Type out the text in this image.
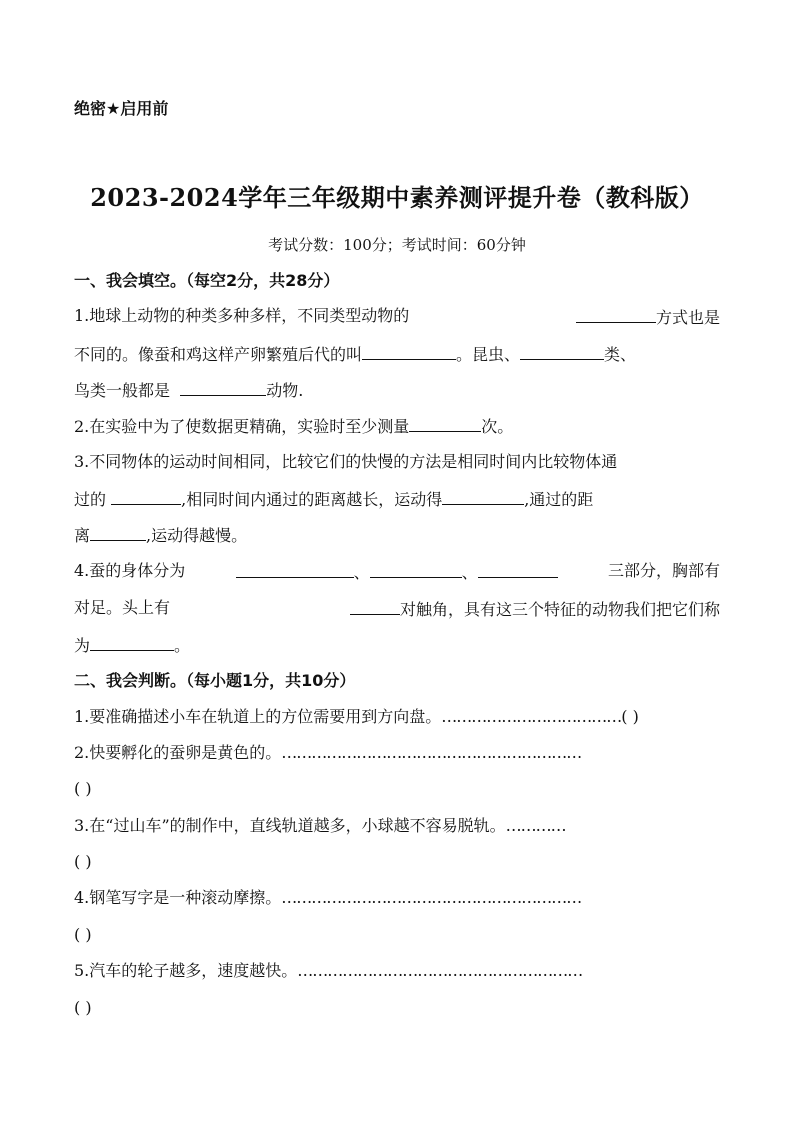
绝密★启用前
2023-2024学年三年级期中素养测评提升卷（教科版）
考试分数：100分；考试时间：60分钟
一、我会填空。（每空2分，共28分）
1.地球上动物的种类多种多样，不同类型动物的	方式也是
不同的。像蚕和鸡这样产卵繁殖后代的叫	。昆虫、	类、
鸟类一般都是	动物.
2.在实验中为了使数据更精确，实验时至少测量	次。
3.不同物体的运动时间相同，比较它们的快慢的方法是相同时间内比较物体通
过的	,相同时间内通过的距离越长，运动得	,通过的距
离	,运动得越慢。
4.蚕的身体分为	、	、	三部分，胸部有
对足。头上有	对触角，具有这三个特征的动物我们把它们称
为	。
二、我会判断。（每小题1分，共10分）
1.要准确描述小车在轨道上的方位需要用到方向盘。………………………………( )
2.快要孵化的蚕卵是黄色的。……………………………………………………
( )
3.在“过山车”的制作中，直线轨道越多，小球越不容易脱轨。…………
( )
4.钢笔写字是一种滚动摩擦。……………………………………………………
( )
5.汽车的轮子越多，速度越快。…………………………………………………
( )
